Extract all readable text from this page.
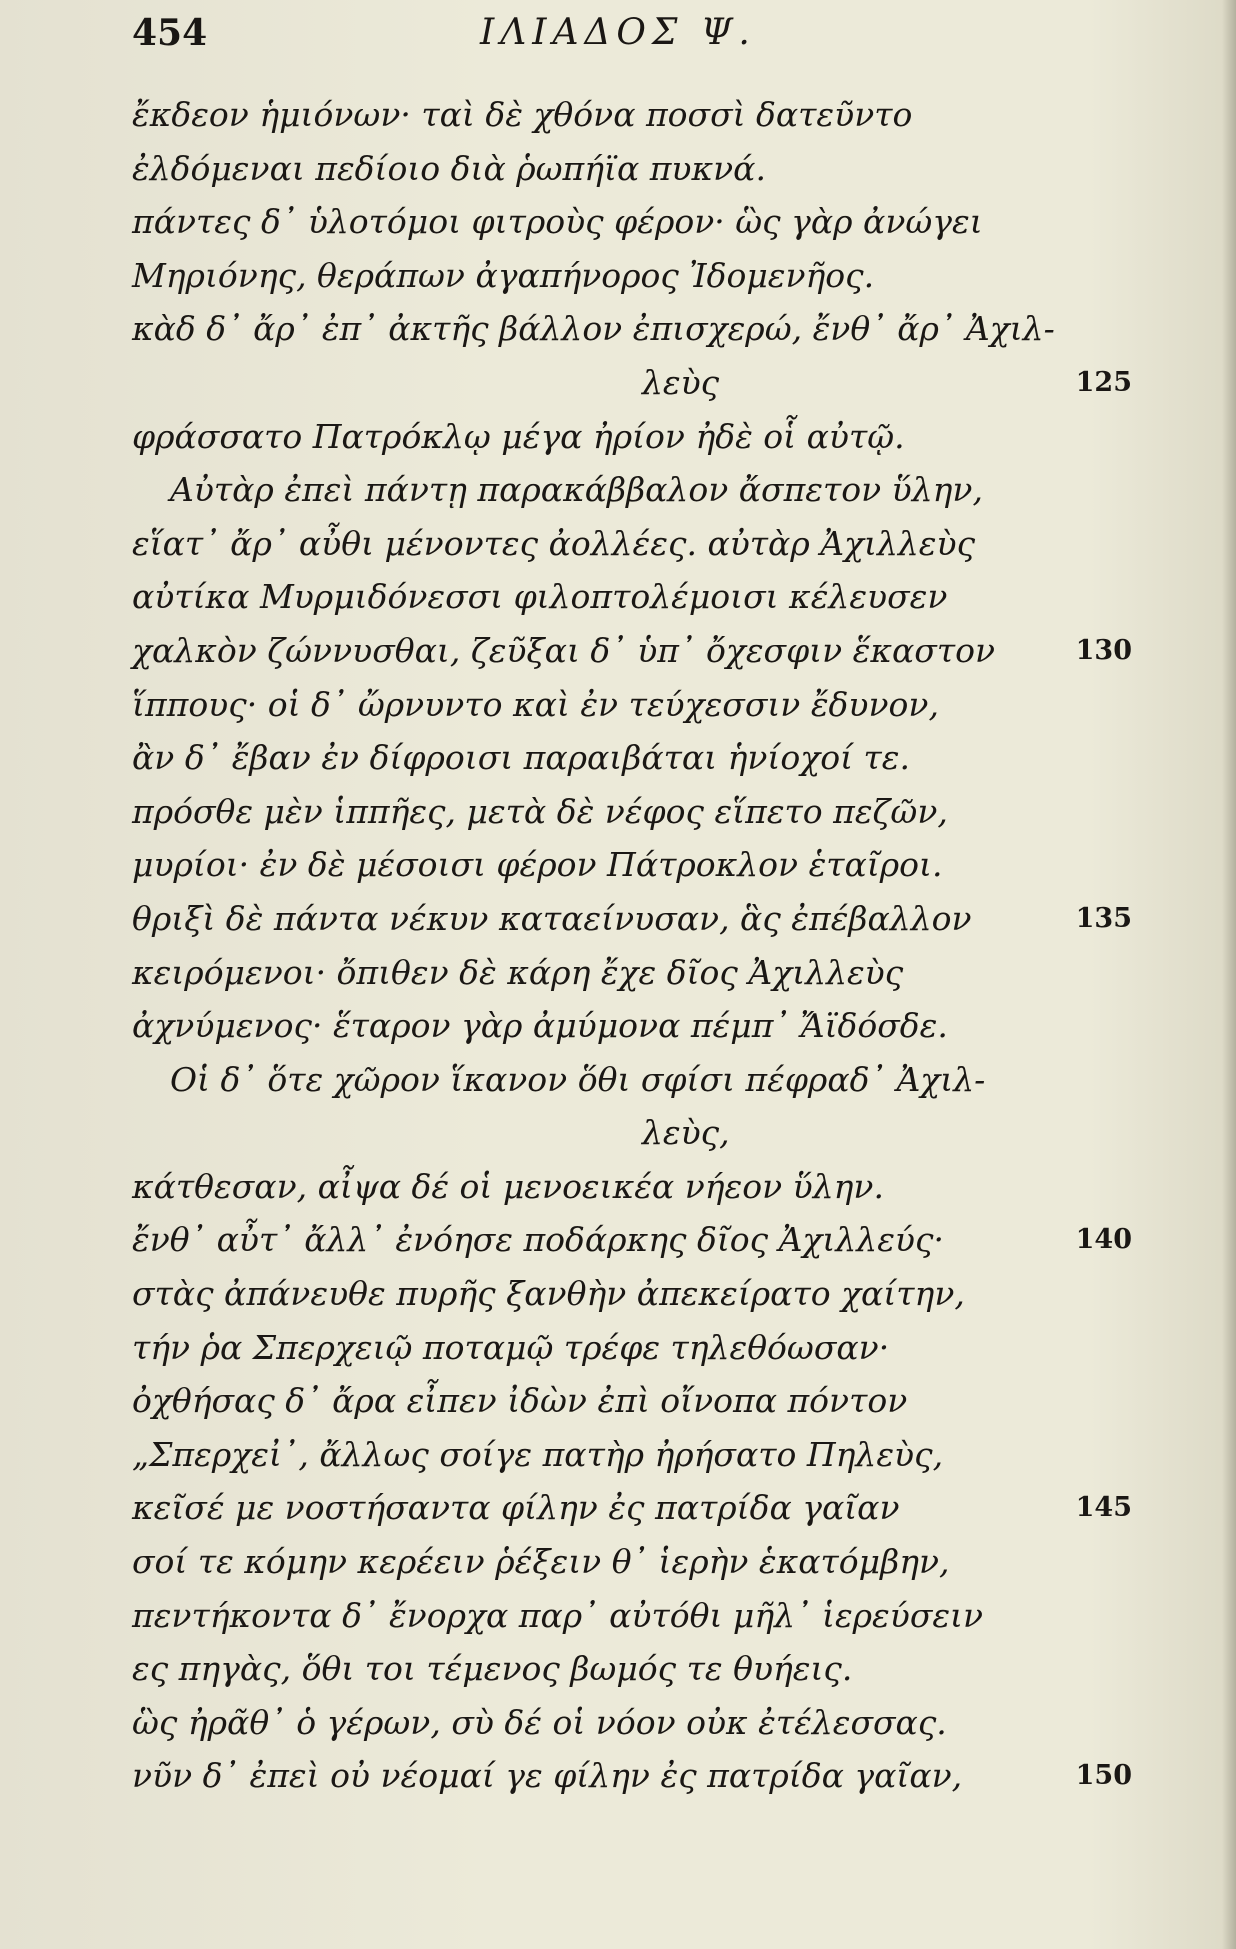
454	ΙΛΙΑΔΟΣ Ψ.
ἔκδεον ἡμιόνων· ταὶ δὲ χθόνα ποσσὶ δατεῦντο
ἐλδόμεναι πεδίοιο διὰ ῥωπήϊα πυκνά.
πάντες δ᾽ ὑλοτόμοι φιτροὺς φέρον· ὣς γὰρ ἀνώγει
Μηριόνης, θεράπων ἀγαπήνορος Ἰδομενῆος.
κὰδ δ᾽ ἄρ᾽ ἐπ᾽ ἀκτῆς βάλλον ἐπισχερώ, ἔνθ᾽ ἄρ᾽ Ἀχιλ-
λεὺς	125
φράσσατο Πατρόκλῳ μέγα ἠρίον ἠδὲ οἷ αὐτῷ.
Αὐτὰρ ἐπεὶ πάντῃ παρακάββαλον ἄσπετον ὕλην,
εἵατ᾽ ἄρ᾽ αὖθι μένοντες ἀολλέες. αὐτὰρ Ἀχιλλεὺς
αὐτίκα Μυρμιδόνεσσι φιλοπτολέμοισι κέλευσεν
χαλκὸν ζώννυσθαι, ζεῦξαι δ᾽ ὑπ᾽ ὄχεσφιν ἕκαστον	130
ἵππους· οἱ δ᾽ ὤρνυντο καὶ ἐν τεύχεσσιν ἔδυνον,
ἂν δ᾽ ἔβαν ἐν δίφροισι παραιβάται ἡνίοχοί τε.
πρόσθε μὲν ἱππῆες, μετὰ δὲ νέφος εἵπετο πεζῶν,
μυρίοι· ἐν δὲ μέσοισι φέρον Πάτροκλον ἑταῖροι.
θριξὶ δὲ πάντα νέκυν καταείνυσαν, ἃς ἐπέβαλλον	135
κειρόμενοι· ὄπιθεν δὲ κάρη ἔχε δῖος Ἀχιλλεὺς
ἀχνύμενος· ἕταρον γὰρ ἀμύμονα πέμπ᾽ Ἄϊδόσδε.
Οἱ δ᾽ ὅτε χῶρον ἵκανον ὅθι σφίσι πέφραδ᾽ Ἀχιλ-
λεὺς,
κάτθεσαν, αἶψα δέ οἱ μενοεικέα νήεον ὕλην.
ἔνθ᾽ αὖτ᾽ ἄλλ᾽ ἐνόησε ποδάρκης δῖος Ἀχιλλεύς·	140
στὰς ἀπάνευθε πυρῆς ξανθὴν ἀπεκείρατο χαίτην,
τήν ῥα Σπερχειῷ ποταμῷ τρέφε τηλεθόωσαν·
ὀχθήσας δ᾽ ἄρα εἶπεν ἰδὼν ἐπὶ οἴνοπα πόντον
„Σπερχεἰ᾽, ἄλλως σοίγε πατὴρ ἠρήσατο Πηλεὺς,
κεῖσέ με νοστήσαντα φίλην ἐς πατρίδα γαῖαν	145
σοί τε κόμην κερέειν ῥέξειν θ᾽ ἱερὴν ἑκατόμβην,
πεντήκοντα δ᾽ ἔνορχα παρ᾽ αὐτόθι μῆλ᾽ ἱερεύσειν
ες πηγὰς, ὅθι τοι τέμενος βωμός τε θυήεις.
ὣς ἠρᾶθ᾽ ὁ γέρων, σὺ δέ οἱ νόον οὐκ ἐτέλεσσας.
νῦν δ᾽ ἐπεὶ οὐ νέομαί γε φίλην ἐς πατρίδα γαῖαν,	150
